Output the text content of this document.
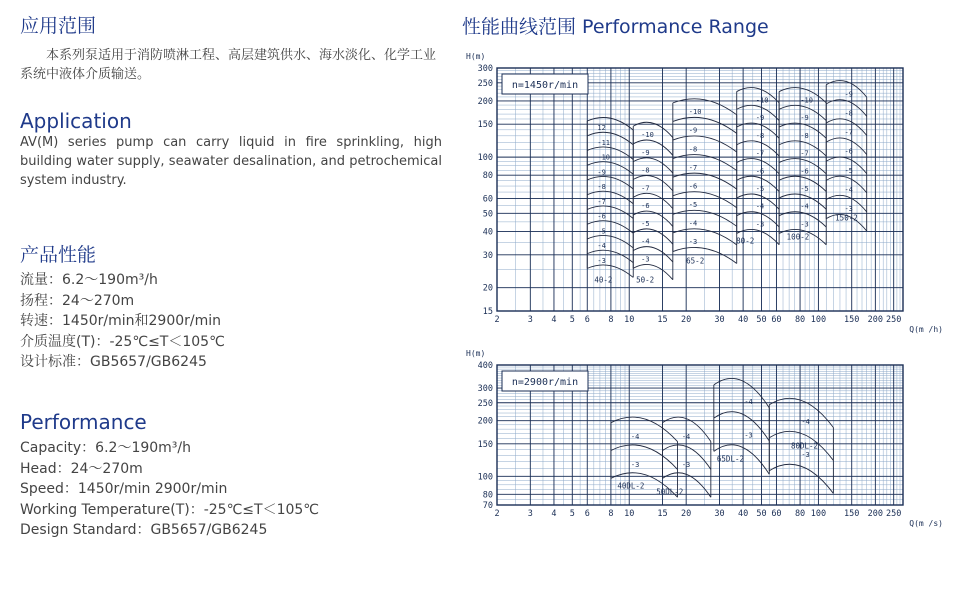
应用范围
本系列泵适用于消防喷淋工程、高层建筑供水、海水淡化、化学工业系统中液体介质输送。
Application
AV(M) series pump can carry liquid in fire sprinkling, high building water supply, seawater desalination, and petrochemical system industry.
产品性能
流量：6.2～190m³/h
扬程：24～270m
转速：1450r/min和2900r/min
介质温度(T)：-25℃≤T＜105℃
设计标准：GB5657/GB6245
Performance
Capacity：6.2～190m³/h
Head：24～270m
Speed：1450r/min 2900r/min
Working Temperature(T)：-25℃≤T＜105℃
Design Standard：GB5657/GB6245
性能曲线范围 Performance Range
2	3 4 5 6 8 10	15 20	30 40 50 60 80 100 150 200 250
300
250
200
150
100
80
60
50
40
30
20
15
H(m)
Q(m /h)
n=1450r/min
12
-11
-10
-9
-8
-7
-6
-5
-4
-3
40-2
-10
-9
-8
-7
-6
-5
-4
-3
50-2
-10
-9
-8
-7
-6
-5
-4
-3
65-2
-10
-9
-8
-7
-6
-5
-4
-3
80-2
-10
-9
-8
-7
-6
-5
-4
-3
100-2
-9
-8
-7
-6
-5
-4
-3
150-2
2	3 4 5 6 8 10	15 20	30 40 50 60 80 100 150 200 250
400
300
250
200
150
100
80
70
H(m)
Q(m /s)
n=2900r/min
-4
-3
40DL-2
-4
-3
50DL-2
-4
-3
65DL-2
-4
-3
80DL-2
